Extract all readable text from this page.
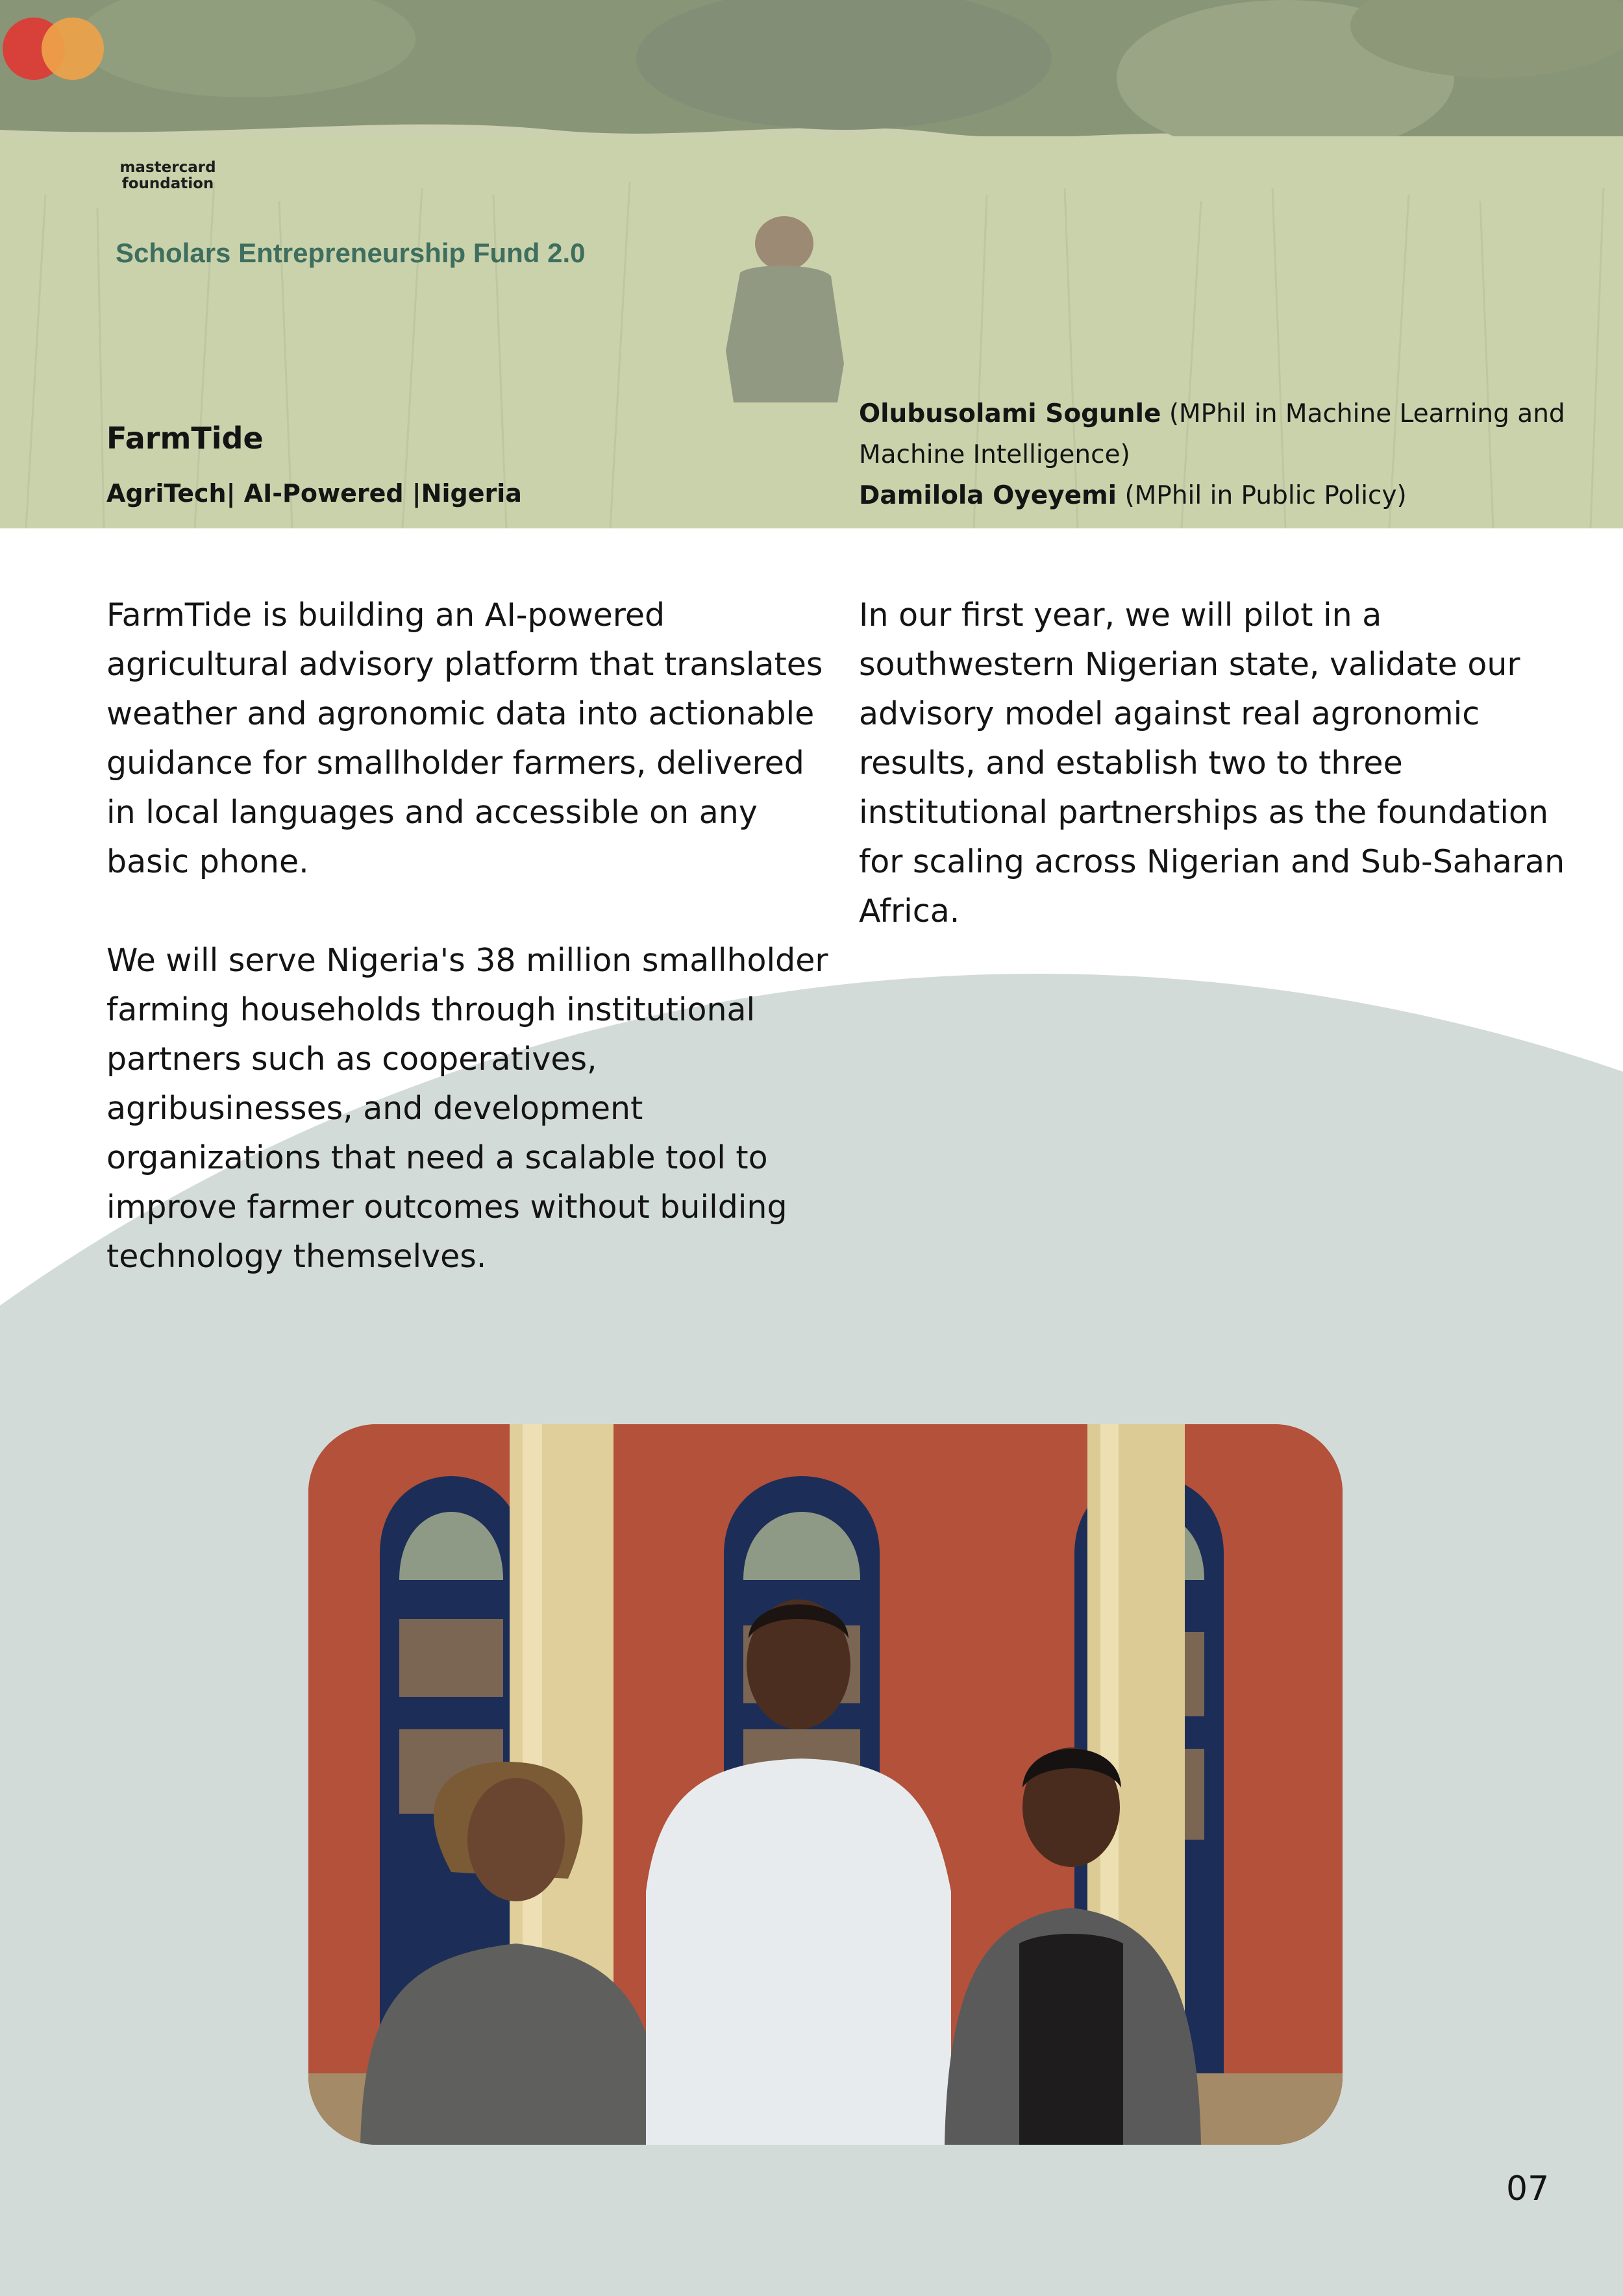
mastercard foundation
Scholars Entrepreneurship Fund 2.0
FarmTide
AgriTech| AI-Powered |Nigeria
Olubusolami Sogunle (MPhil in Machine Learning and Machine Intelligence)
Damilola Oyeyemi (MPhil in Public Policy)

FarmTide is building an AI-powered agricultural advisory platform that translates weather and agronomic data into actionable guidance for smallholder farmers, delivered in local languages and accessible on any basic phone.

We will serve Nigeria's 38 million smallholder farming households through institutional partners such as cooperatives, agribusinesses, and development organizations that need a scalable tool to improve farmer outcomes without building technology themselves.

In our first year, we will pilot in a southwestern Nigerian state, validate our advisory model against real agronomic results, and establish two to three institutional partnerships as the foundation for scaling across Nigerian and Sub-Saharan Africa.

07
